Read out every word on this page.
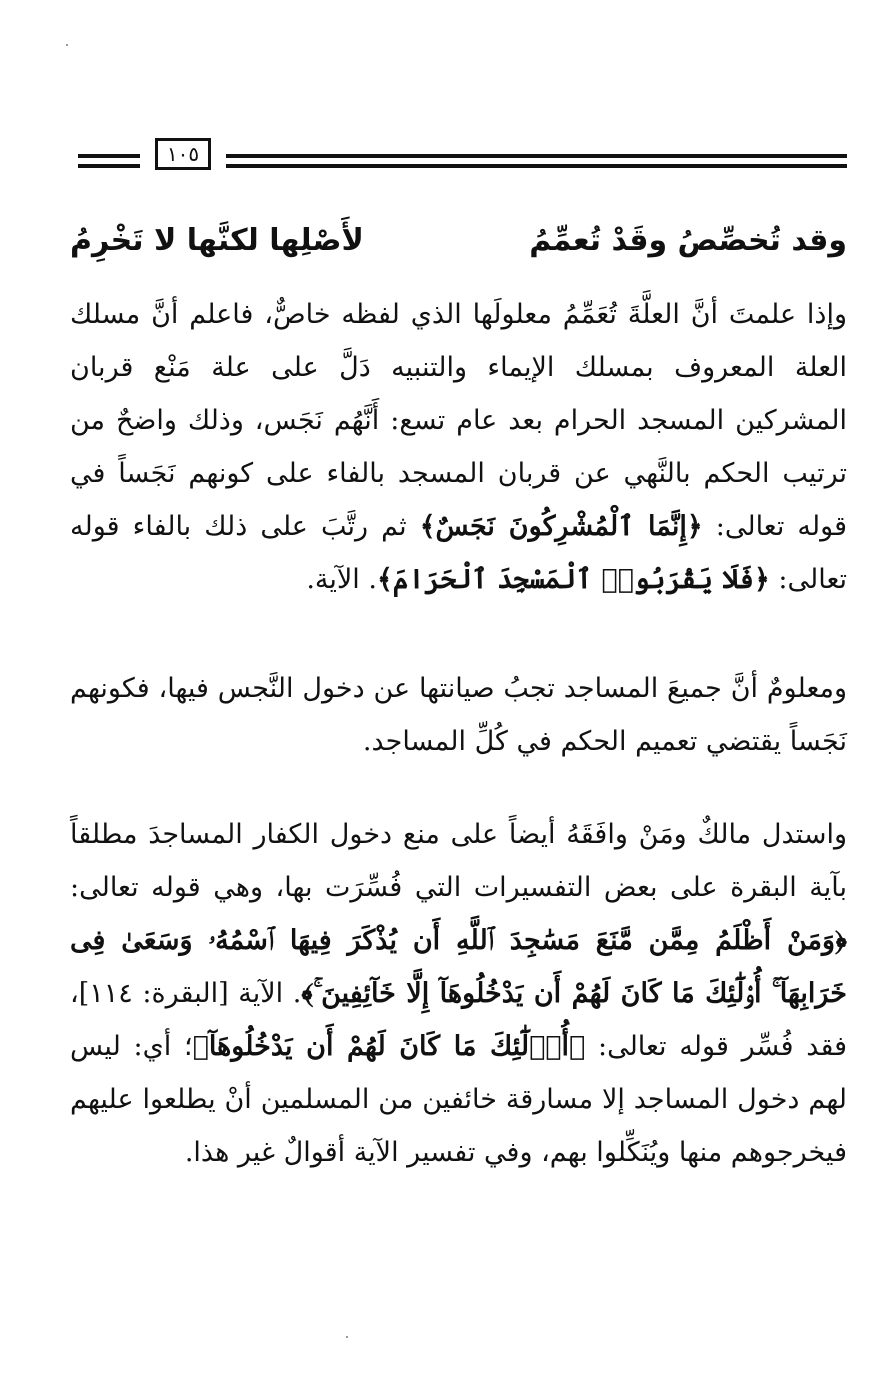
١٠٥
وقد تُخصِّصُ وقَدْ تُعمِّمُ
لأَصْلِها لكنَّها لا تَخْرِمُ

وإذا علمتَ أنَّ العلَّةَ تُعَمِّمُ معلولَها الذي لفظه خاصٌّ، فاعلم أنَّ مسلك العلة المعروف بمسلك الإيماء والتنبيه دَلَّ على علة مَنْع قربان المشركين المسجد الحرام بعد عام تسع: أَنَّهُم نَجَس، وذلك واضحٌ من ترتيب الحكم بالنَّهي عن قربان المسجد بالفاء على كونهم نَجَساً في قوله تعالى: ﴿إِنَّمَا ٱلْمُشْرِكُونَ نَجَسٌ﴾ ثم رتَّبَ على ذلك بالفاء قوله تعالى: ﴿فَلَا يَقْرَبُوا۟ ٱلْمَسْجِدَ ٱلْحَرَامَ﴾. الآية.

ومعلومٌ أنَّ جميعَ المساجد تجبُ صيانتها عن دخول النَّجس فيها، فكونهم نَجَساً يقتضي تعميم الحكم في كُلِّ المساجد.

واستدل مالكٌ ومَنْ وافَقَهُ أيضاً على منع دخول الكفار المساجدَ مطلقاً بآية البقرة على بعض التفسيرات التي فُسِّرَت بها، وهي قوله تعالى: ﴿وَمَنْ أَظْلَمُ مِمَّن مَّنَعَ مَسَٰجِدَ ٱللَّهِ أَن يُذْكَرَ فِيهَا ٱسْمُهُۥ وَسَعَىٰ فِى خَرَابِهَآ ۚ أُو۟لَٰٓئِكَ مَا كَانَ لَهُمْ أَن يَدْخُلُوهَآ إِلَّا خَآئِفِينَ ۚ﴾. الآية [البقرة: ١١٤]، فقد فُسِّر قوله تعالى: ﴿أُو۟لَٰٓئِكَ مَا كَانَ لَهُمْ أَن يَدْخُلُوهَآ﴾؛ أي: ليس لهم دخول المساجد إلا مسارقة خائفين من المسلمين أنْ يطلعوا عليهم فيخرجوهم منها ويُنَكِّلوا بهم، وفي تفسير الآية أقوالٌ غير هذا.
